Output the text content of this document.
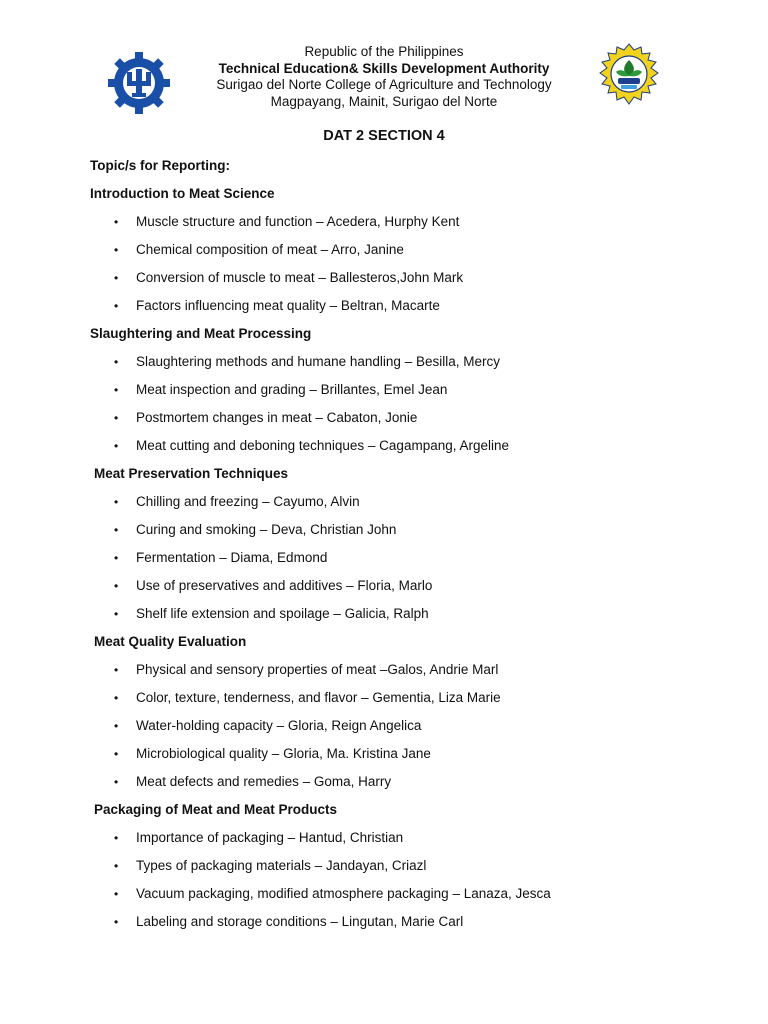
Republic of the Philippines
Technical Education& Skills Development Authority
Surigao del Norte College of Agriculture and Technology
Magpayang, Mainit, Surigao del Norte
DAT 2 SECTION 4
Topic/s for Reporting:
Introduction to Meat Science
• Muscle structure and function – Acedera, Hurphy Kent
• Chemical composition of meat – Arro, Janine
• Conversion of muscle to meat – Ballesteros,John Mark
• Factors influencing meat quality – Beltran, Macarte
Slaughtering and Meat Processing
• Slaughtering methods and humane handling – Besilla, Mercy
• Meat inspection and grading – Brillantes, Emel Jean
• Postmortem changes in meat – Cabaton, Jonie
• Meat cutting and deboning techniques – Cagampang, Argeline
Meat Preservation Techniques
• Chilling and freezing – Cayumo, Alvin
• Curing and smoking – Deva, Christian John
• Fermentation – Diama, Edmond
• Use of preservatives and additives – Floria, Marlo
• Shelf life extension and spoilage – Galicia, Ralph
Meat Quality Evaluation
• Physical and sensory properties of meat –Galos, Andrie Marl
• Color, texture, tenderness, and flavor – Gementia, Liza Marie
• Water-holding capacity – Gloria, Reign Angelica
• Microbiological quality – Gloria, Ma. Kristina Jane
• Meat defects and remedies – Goma, Harry
Packaging of Meat and Meat Products
• Importance of packaging – Hantud, Christian
• Types of packaging materials – Jandayan, Criazl
• Vacuum packaging, modified atmosphere packaging – Lanaza, Jesca
• Labeling and storage conditions – Lingutan, Marie Carl
